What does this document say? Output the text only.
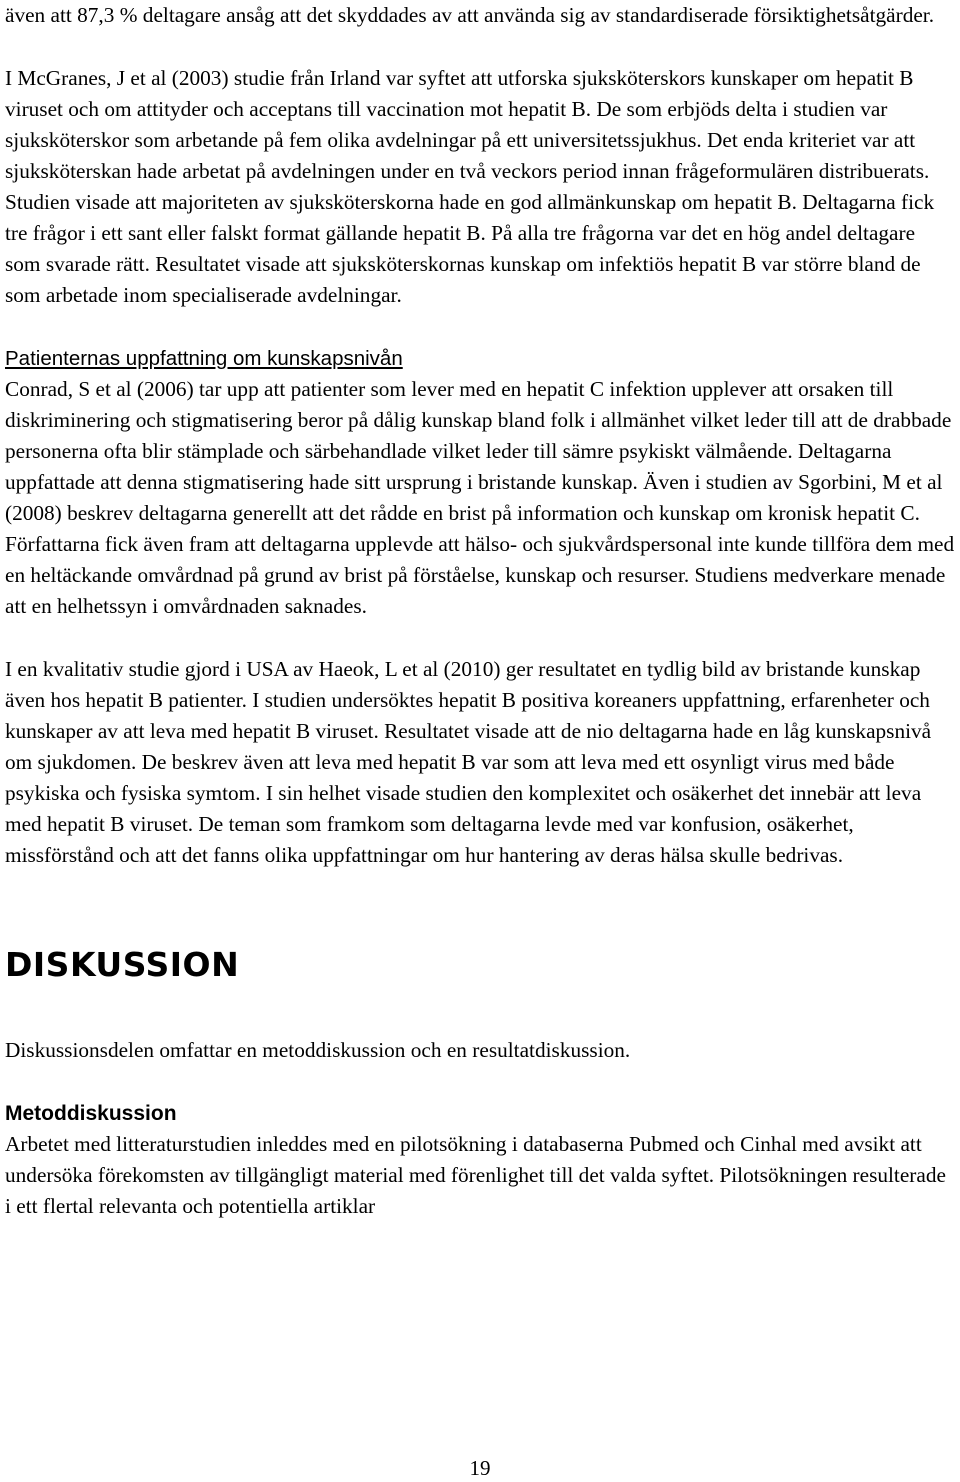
även att 87,3 % deltagare ansåg att det skyddades av att använda sig av standardiserade försiktighetsåtgärder.

I McGranes, J et al (2003) studie från Irland var syftet att utforska sjuksköterskors kunskaper om hepatit B viruset och om attityder och acceptans till vaccination mot hepatit B. De som erbjöds delta i studien var sjuksköterskor som arbetande på fem olika avdelningar på ett universitetssjukhus. Det enda kriteriet var att sjuksköterskan hade arbetat på avdelningen under en två veckors period innan frågeformulären distribuerats. Studien visade att majoriteten av sjuksköterskorna hade en god allmänkunskap om hepatit B. Deltagarna fick tre frågor i ett sant eller falskt format gällande hepatit B. På alla tre frågorna var det en hög andel deltagare som svarade rätt. Resultatet visade att sjuksköterskornas kunskap om infektiös hepatit B var större bland de som arbetade inom specialiserade avdelningar.

Patienternas uppfattning om kunskapsnivån

Conrad, S et al (2006) tar upp att patienter som lever med en hepatit C infektion upplever att orsaken till diskriminering och stigmatisering beror på dålig kunskap bland folk i allmänhet vilket leder till att de drabbade personerna ofta blir stämplade och särbehandlade vilket leder till sämre psykiskt välmående. Deltagarna uppfattade att denna stigmatisering hade sitt ursprung i bristande kunskap. Även i studien av Sgorbini, M et al (2008) beskrev deltagarna generellt att det rådde en brist på information och kunskap om kronisk hepatit C. Författarna fick även fram att deltagarna upplevde att hälso- och sjukvårdspersonal inte kunde tillföra dem med en heltäckande omvårdnad på grund av brist på förståelse, kunskap och resurser. Studiens medverkare menade att en helhetssyn i omvårdnaden saknades.

I en kvalitativ studie gjord i USA av Haeok, L et al (2010) ger resultatet en tydlig bild av bristande kunskap även hos hepatit B patienter. I studien undersöktes hepatit B positiva koreaners uppfattning, erfarenheter och kunskaper av att leva med hepatit B viruset. Resultatet visade att de nio deltagarna hade en låg kunskapsnivå om sjukdomen. De beskrev även att leva med hepatit B var som att leva med ett osynligt virus med både psykiska och fysiska symtom. I sin helhet visade studien den komplexitet och osäkerhet det innebär att leva med hepatit B viruset. De teman som framkom som deltagarna levde med var konfusion, osäkerhet, missförstånd och att det fanns olika uppfattningar om hur hantering av deras hälsa skulle bedrivas.

DISKUSSION

Diskussionsdelen omfattar en metoddiskussion och en resultatdiskussion.

Metoddiskussion

Arbetet med litteraturstudien inleddes med en pilotsökning i databaserna Pubmed och Cinhal med avsikt att undersöka förekomsten av tillgängligt material med förenlighet till det valda syftet. Pilotsökningen resulterade i ett flertal relevanta och potentiella artiklar

19
